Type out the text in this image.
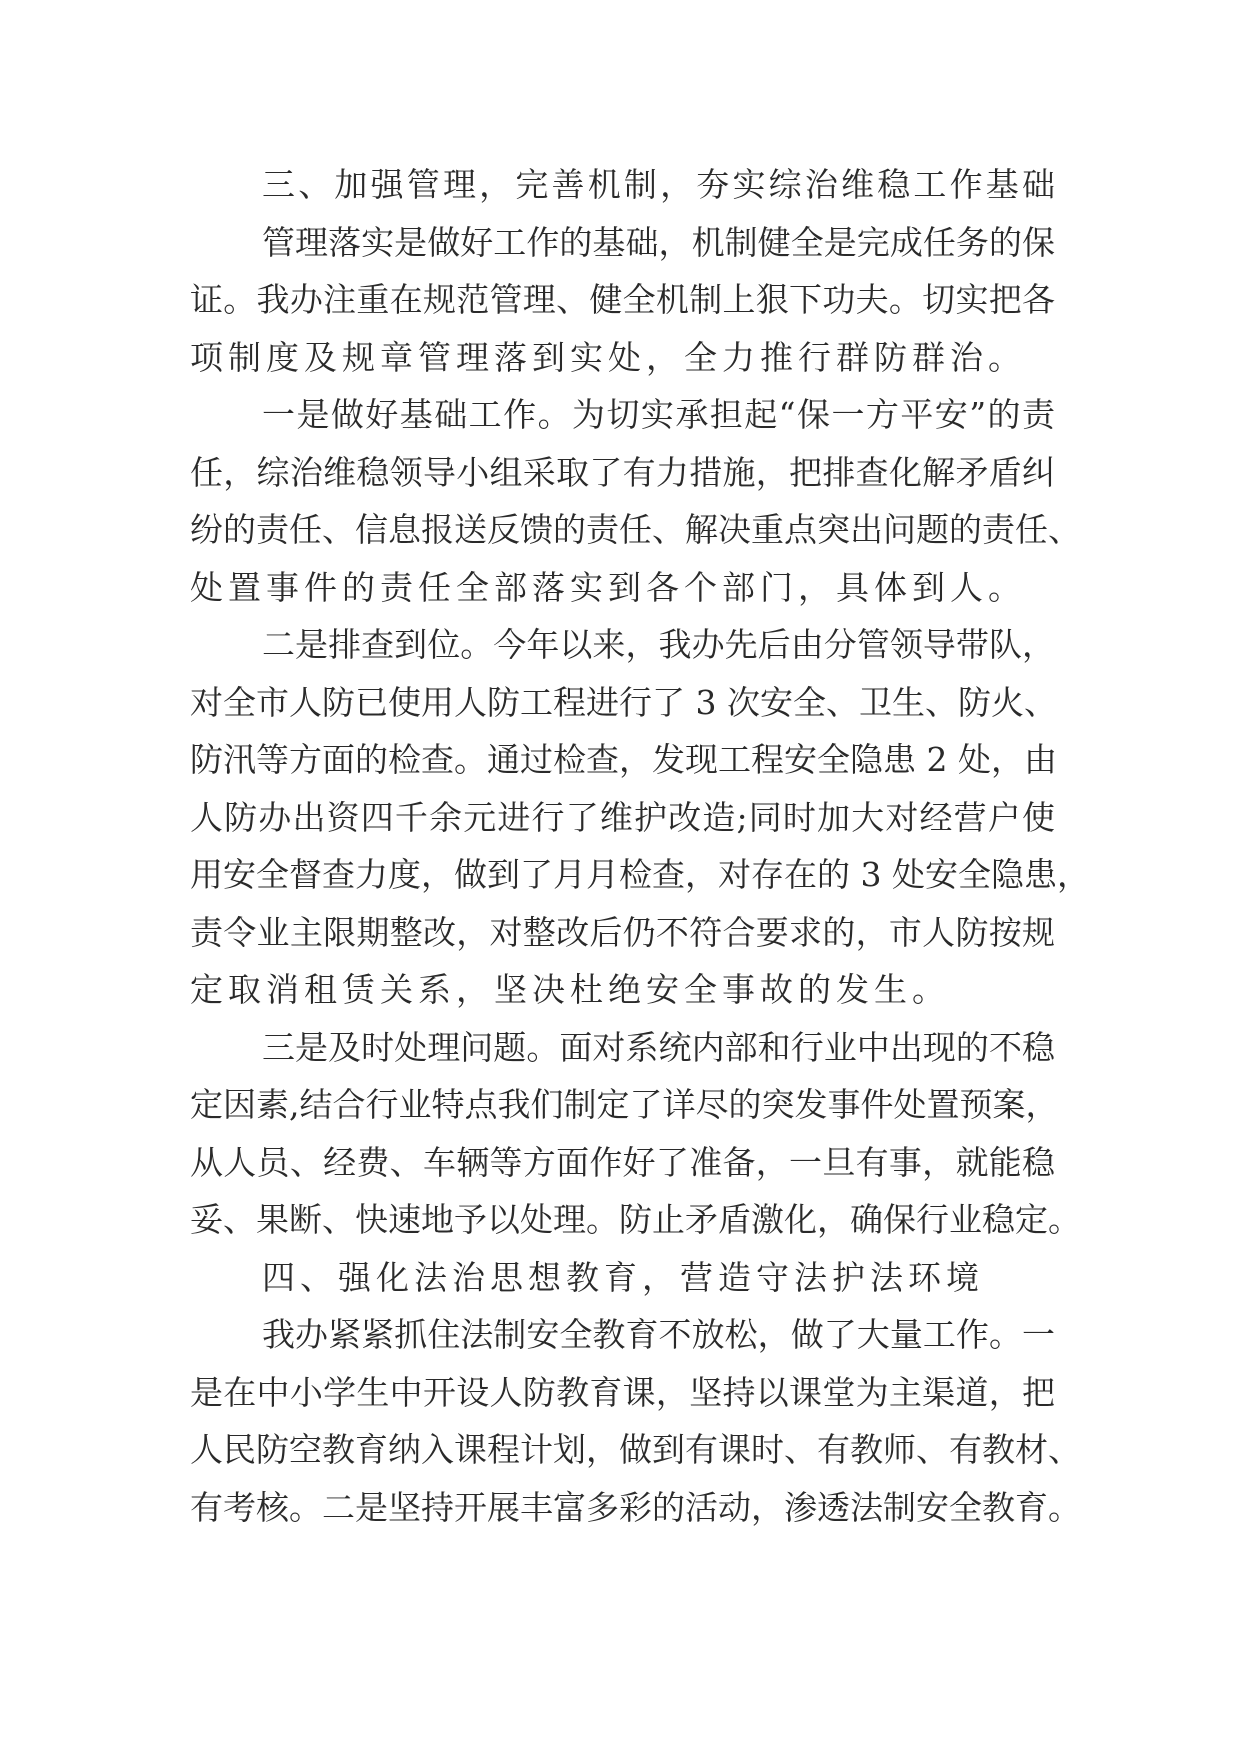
三、加强管理，完善机制，夯实综治维稳工作基础
管理落实是做好工作的基础，机制健全是完成任务的保
证。我办注重在规范管理、健全机制上狠下功夫。切实把各
项制度及规章管理落到实处，全力推行群防群治。
一是做好基础工作。为切实承担起“保一方平安”的责
任，综治维稳领导小组采取了有力措施，把排查化解矛盾纠
纷的责任、信息报送反馈的责任、解决重点突出问题的责任、
处置事件的责任全部落实到各个部门，具体到人。
二是排查到位。今年以来，我办先后由分管领导带队，
对全市人防已使用人防工程进行了 3 次安全、卫生、防火、
防汛等方面的检查。通过检查，发现工程安全隐患 2 处，由
人防办出资四千余元进行了维护改造;同时加大对经营户使
用安全督查力度，做到了月月检查，对存在的 3 处安全隐患，
责令业主限期整改，对整改后仍不符合要求的，市人防按规
定取消租赁关系，坚决杜绝安全事故的发生。
三是及时处理问题。面对系统内部和行业中出现的不稳
定因素,结合行业特点我们制定了详尽的突发事件处置预案，
从人员、经费、车辆等方面作好了准备，一旦有事，就能稳
妥、果断、快速地予以处理。防止矛盾激化，确保行业稳定。
四、强化法治思想教育，营造守法护法环境
我办紧紧抓住法制安全教育不放松，做了大量工作。一
是在中小学生中开设人防教育课，坚持以课堂为主渠道，把
人民防空教育纳入课程计划，做到有课时、有教师、有教材、
有考核。二是坚持开展丰富多彩的活动，渗透法制安全教育。
